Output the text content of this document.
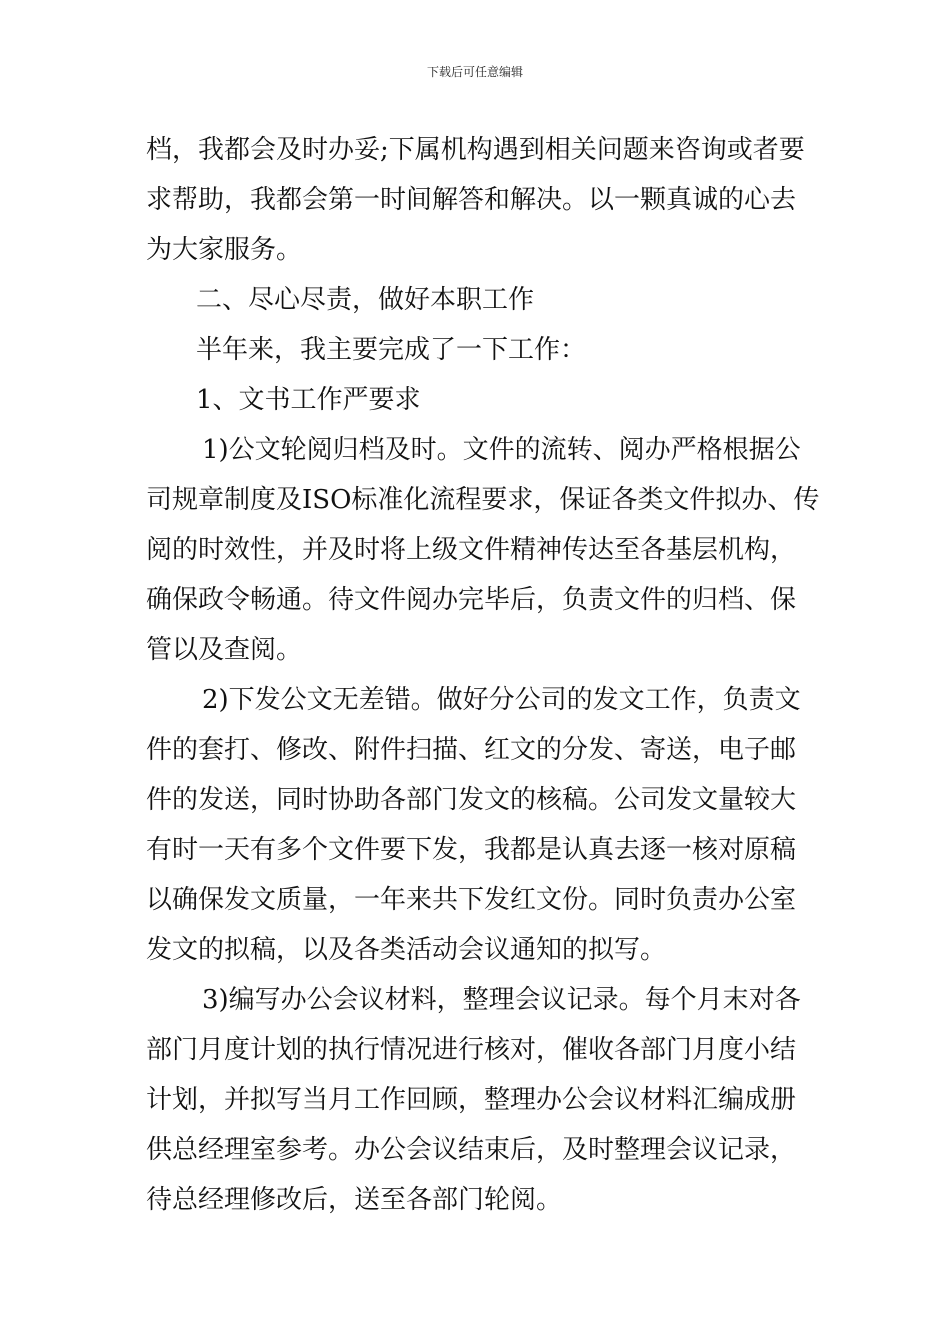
下载后可任意编辑
档，我都会及时办妥;下属机构遇到相关问题来咨询或者要
求帮助，我都会第一时间解答和解决。以一颗真诚的心去
为大家服务。
二、尽心尽责，做好本职工作
半年来，我主要完成了一下工作：
1、文书工作严要求
1)公文轮阅归档及时。文件的流转、阅办严格根据公
司规章制度及ISO标准化流程要求，保证各类文件拟办、传
阅的时效性，并及时将上级文件精神传达至各基层机构，
确保政令畅通。待文件阅办完毕后，负责文件的归档、保
管以及查阅。
2)下发公文无差错。做好分公司的发文工作，负责文
件的套打、修改、附件扫描、红文的分发、寄送，电子邮
件的发送，同时协助各部门发文的核稿。公司发文量较大
有时一天有多个文件要下发，我都是认真去逐一核对原稿
以确保发文质量，一年来共下发红文份。同时负责办公室
发文的拟稿，以及各类活动会议通知的拟写。
3)编写办公会议材料，整理会议记录。每个月末对各
部门月度计划的执行情况进行核对，催收各部门月度小结
计划，并拟写当月工作回顾，整理办公会议材料汇编成册
供总经理室参考。办公会议结束后，及时整理会议记录，
待总经理修改后，送至各部门轮阅。
